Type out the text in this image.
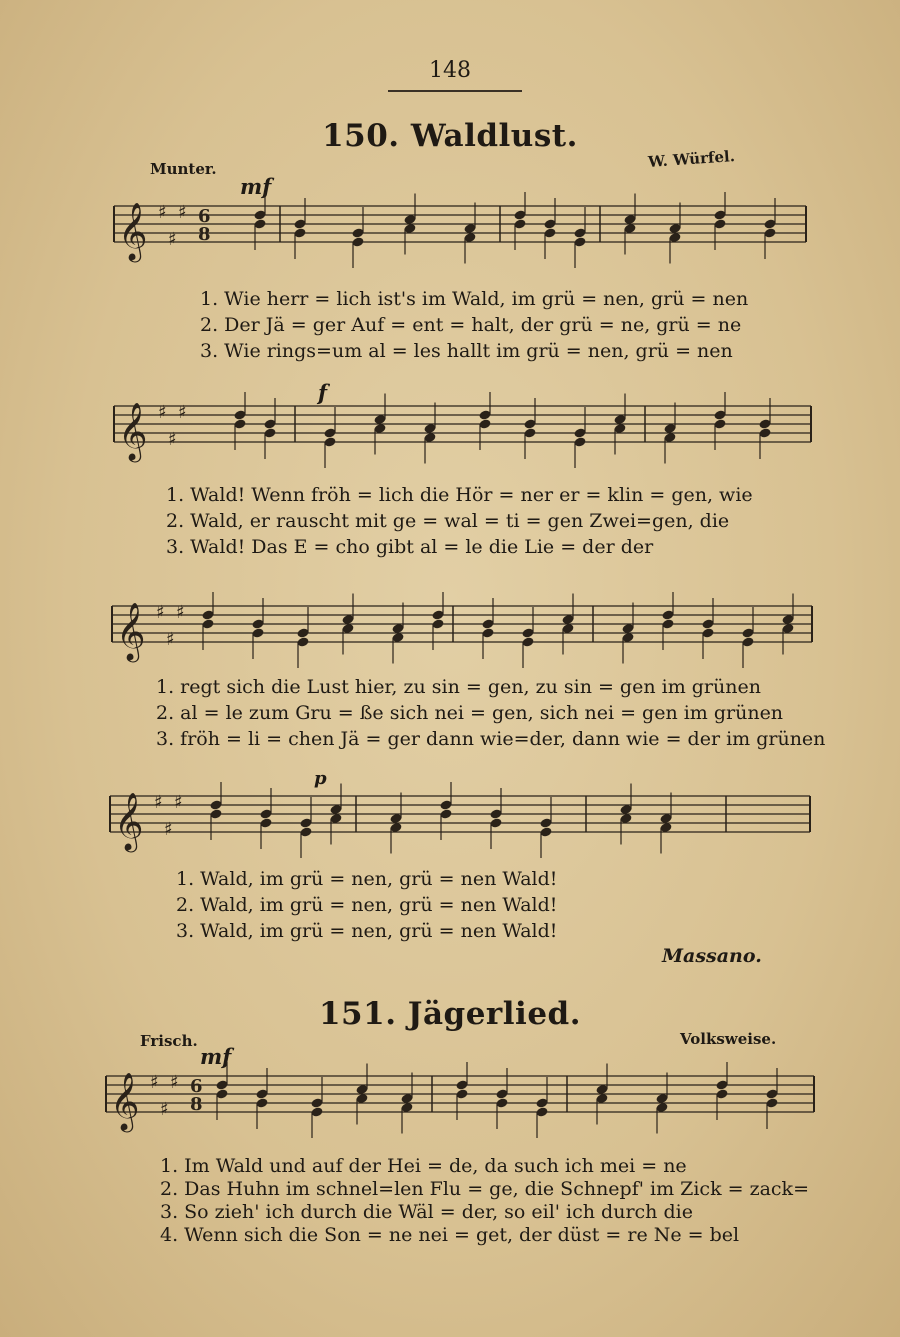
148
150. Waldlust.
Munter.	W. Würfel.
mf
𝄞 ♯
♯
♯ 6
8
1. Wie herr = lich ist's im Wald, im grü = nen, grü = nen
2. Der Jä = ger Auf = ent = halt, der grü = ne, grü = ne
3. Wie rings=um al = les hallt im grü = nen, grü = nen
f
𝄞 ♯
♯
♯
1. Wald! Wenn fröh = lich die Hör = ner er = klin = gen, wie
2. Wald, er rauscht mit ge = wal = ti = gen Zwei=gen, die
3. Wald! Das E = cho gibt al = le die Lie = der der
𝄞 ♯
♯
♯
1. regt sich die Lust hier, zu sin = gen, zu sin = gen im grünen
2. al = le zum Gru = ße sich nei = gen, sich nei = gen im grünen
3. fröh = li = chen Jä = ger dann wie=der, dann wie = der im grünen
p
𝄞 ♯
♯
♯
1. Wald, im grü = nen, grü = nen Wald!
2. Wald, im grü = nen, grü = nen Wald!
3. Wald, im grü = nen, grü = nen Wald!
Massano.
151. Jägerlied.
Frisch.	Volksweise.
mf
𝄞 ♯
♯
♯ 6
8
1. Im Wald und auf der Hei = de, da such ich mei = ne
2. Das Huhn im schnel=len Flu = ge, die Schnepf' im Zick = zack=
3. So zieh' ich durch die Wäl = der, so eil' ich durch die
4. Wenn sich die Son = ne nei = get, der düst = re Ne = bel
